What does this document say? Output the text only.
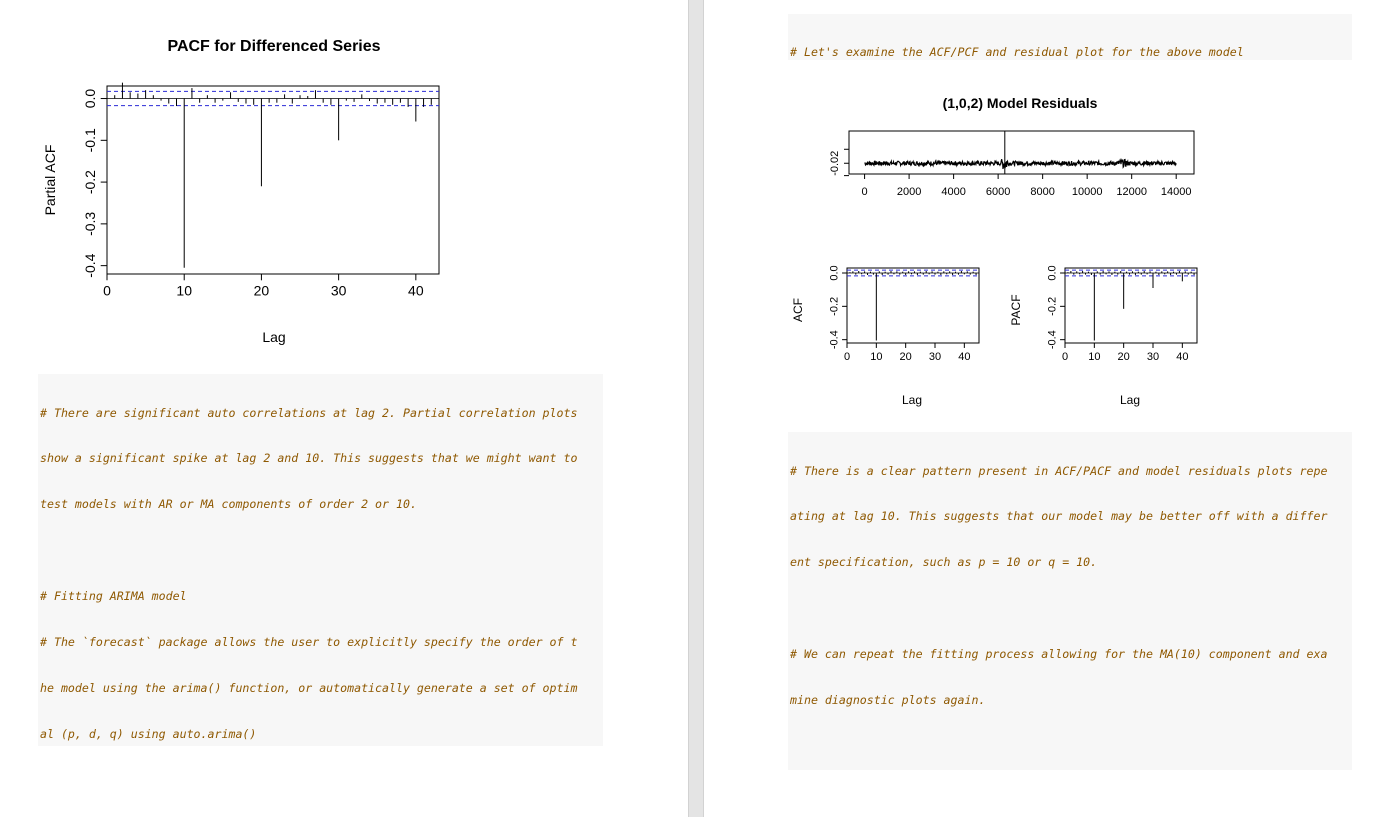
PACF for Differenced Series
0	10	20	30	40
0.0
-0.1
-0.2
-0.3
-0.4
Lag
Partial ACF

# There are significant auto correlations at lag 2. Partial correlation plots

show a significant spike at lag 2 and 10. This suggests that we might want to

test models with AR or MA components of order 2 or 10.

# Fitting ARIMA model

# The `forecast` package allows the user to explicitly specify the order of t

he model using the arima() function, or automatically generate a set of optim

al (p, d, q) using auto.arima()

# Let's examine the ACF/PCF and residual plot for the above model

(1,0,2) Model Residuals
0	2000 4000 6000 8000 10000 12000 14000
-0.02
0 10 20 30 40
0.0
-0.2
-0.4
Lag
ACF
0 10 20 30 40
0.0
-0.2
-0.4
Lag
PACF

# There is a clear pattern present in ACF/PACF and model residuals plots repe

ating at lag 10. This suggests that our model may be better off with a differ

ent specification, such as p = 10 or q = 10.

# We can repeat the fitting process allowing for the MA(10) component and exa

mine diagnostic plots again.
